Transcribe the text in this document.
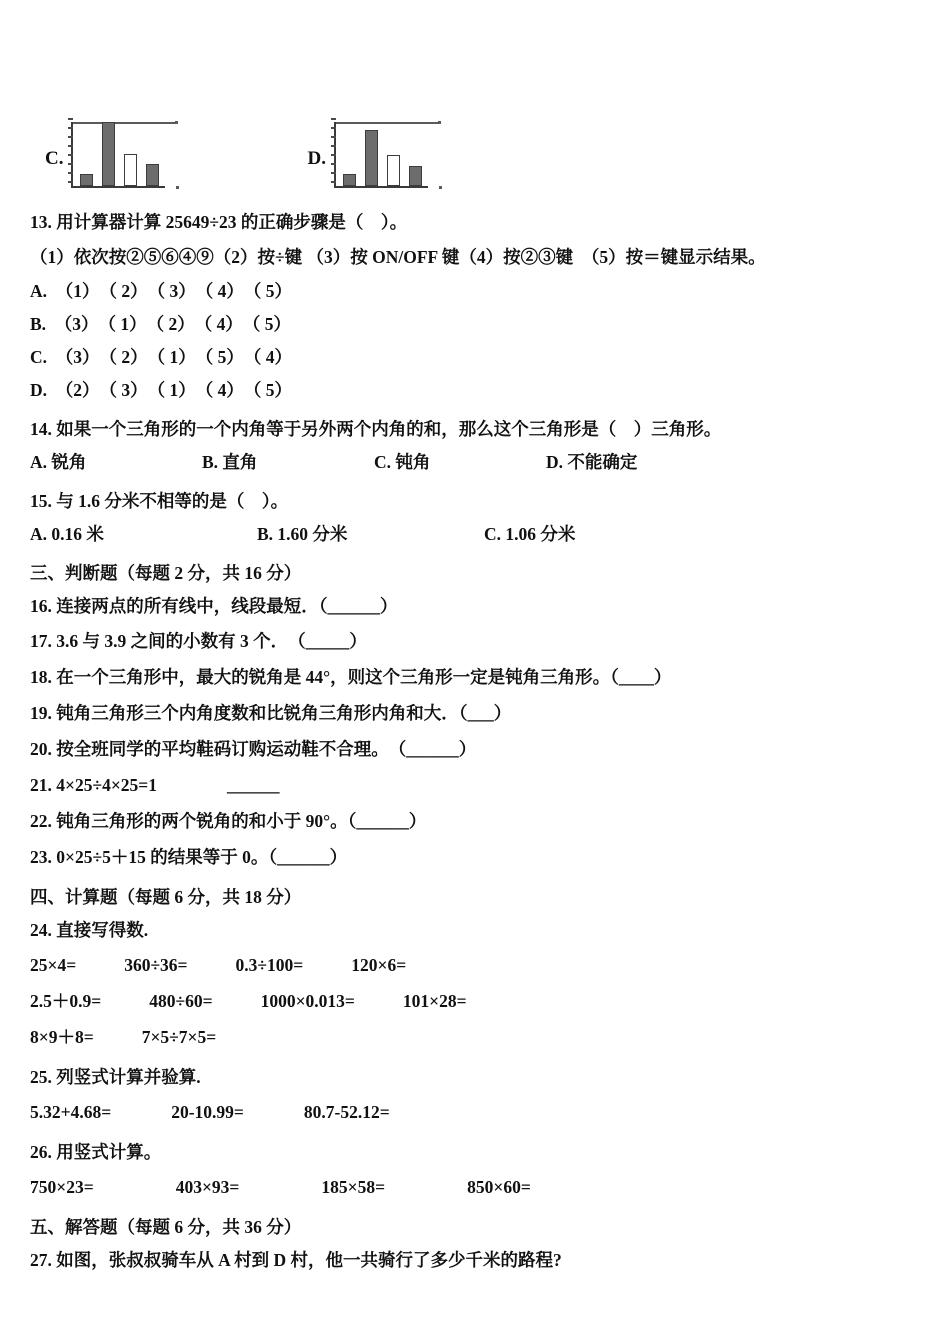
C.	D.

13. 用计算器计算 25649÷23 的正确步骤是（　）。

（1）依次按②⑤⑥④⑨（2）按÷键 （3）按 ON/OFF 键（4）按②③键　（5）按＝键显示结果。

A.　（1）　（ 2）　（ 3）　（ 4）　（ 5）

B.　（3）　（ 1）　（ 2）　（ 4）　（ 5）

C.　（3）　（ 2）　（ 1）　（ 5）　（ 4）

D.　（2）　（ 3）　（ 1）　（ 4）　（ 5）

14. 如果一个三角形的一个内角等于另外两个内角的和，那么这个三角形是（　）三角形。

A. 锐角	B. 直角	C. 钝角	D. 不能确定

15. 与 1.6 分米不相等的是（　）。

A. 0.16 米	B. 1.60 分米	C. 1.06 分米

三、判断题（每题 2 分，共 16 分）

16. 连接两点的所有线中，线段最短．（______）

17. 3.6 与 3.9 之间的小数有 3 个．　（_____）

18. 在一个三角形中，最大的锐角是 44°，则这个三角形一定是钝角三角形。（____）

19. 钝角三角形三个内角度数和比锐角三角形内角和大．（___）

20. 按全班同学的平均鞋码订购运动鞋不合理。　（______）

21. 4×25÷4×25=1　　　　______

22. 钝角三角形的两个锐角的和小于 90°。（______）

23. 0×25÷5＋15 的结果等于 0。（______）

四、计算题（每题 6 分，共 18 分）

24. 直接写得数.

25×4=	360÷36=	0.3÷100=	120×6=
2.5＋0.9=	480÷60=	1000×0.013=	101×28=
8×9＋8=	7×5÷7×5=

25. 列竖式计算并验算.

5.32+4.68=	20-10.99=	80.7-52.12=

26. 用竖式计算。

750×23=	403×93=	185×58=	850×60=

五、解答题（每题 6 分，共 36 分）

27. 如图，张叔叔骑车从 A 村到 D 村，他一共骑行了多少千米的路程?
